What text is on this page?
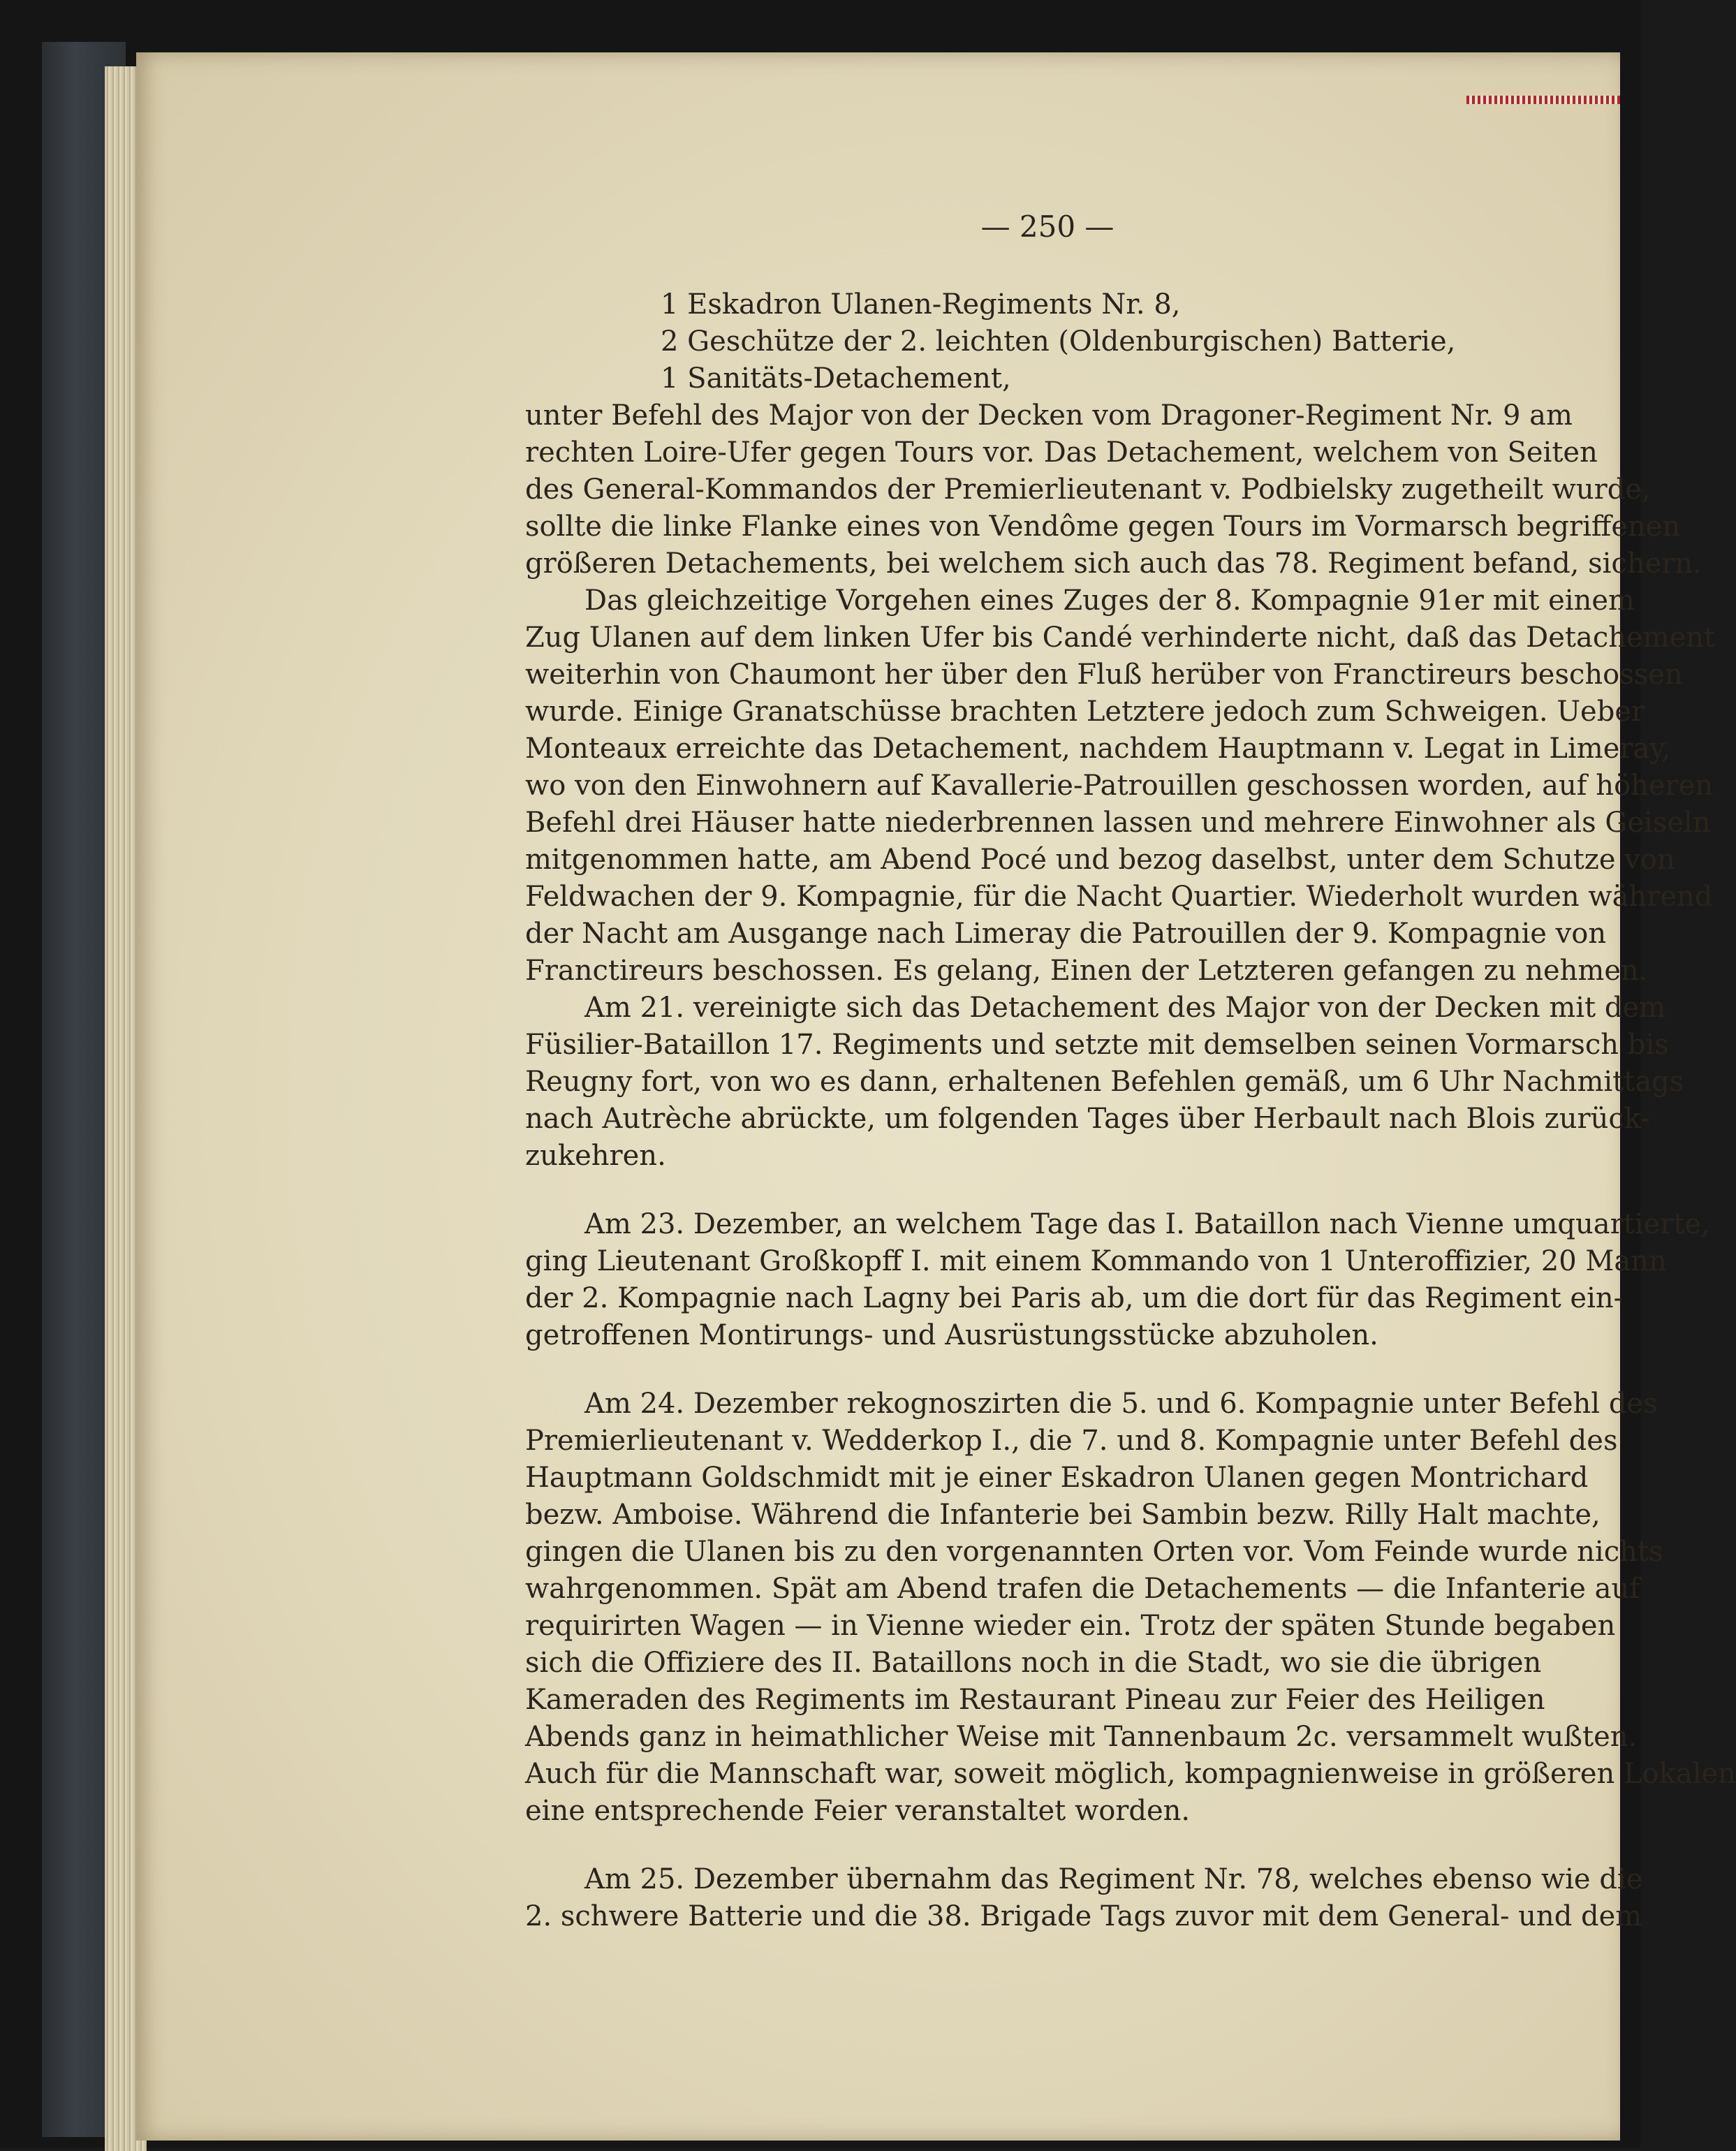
— 250 —
1 Eskadron Ulanen-Regiments Nr. 8,
2 Geschütze der 2. leichten (Oldenburgischen) Batterie,
1 Sanitäts-Detachement,
unter Befehl des Major von der Decken vom Dragoner-Regiment Nr. 9 am
rechten Loire-Ufer gegen Tours vor. Das Detachement, welchem von Seiten
des General-Kommandos der Premierlieutenant v. Podbielsky zugetheilt wurde,
sollte die linke Flanke eines von Vendôme gegen Tours im Vormarsch begriffenen
größeren Detachements, bei welchem sich auch das 78. Regiment befand, sichern.
Das gleichzeitige Vorgehen eines Zuges der 8. Kompagnie 91er mit einem
Zug Ulanen auf dem linken Ufer bis Candé verhinderte nicht, daß das Detachement
weiterhin von Chaumont her über den Fluß herüber von Franctireurs beschossen
wurde. Einige Granatschüsse brachten Letztere jedoch zum Schweigen. Ueber
Monteaux erreichte das Detachement, nachdem Hauptmann v. Legat in Limeray,
wo von den Einwohnern auf Kavallerie-Patrouillen geschossen worden, auf höheren
Befehl drei Häuser hatte niederbrennen lassen und mehrere Einwohner als Geiseln
mitgenommen hatte, am Abend Pocé und bezog daselbst, unter dem Schutze von
Feldwachen der 9. Kompagnie, für die Nacht Quartier. Wiederholt wurden während
der Nacht am Ausgange nach Limeray die Patrouillen der 9. Kompagnie von
Franctireurs beschossen. Es gelang, Einen der Letzteren gefangen zu nehmen.
Am 21. vereinigte sich das Detachement des Major von der Decken mit dem
Füsilier-Bataillon 17. Regiments und setzte mit demselben seinen Vormarsch bis
Reugny fort, von wo es dann, erhaltenen Befehlen gemäß, um 6 Uhr Nachmittags
nach Autrèche abrückte, um folgenden Tages über Herbault nach Blois zurück-
zukehren.
Am 23. Dezember, an welchem Tage das I. Bataillon nach Vienne umquartierte,
ging Lieutenant Großkopff I. mit einem Kommando von 1 Unteroffizier, 20 Mann
der 2. Kompagnie nach Lagny bei Paris ab, um die dort für das Regiment ein-
getroffenen Montirungs- und Ausrüstungsstücke abzuholen.
Am 24. Dezember rekognoszirten die 5. und 6. Kompagnie unter Befehl des
Premierlieutenant v. Wedderkop I., die 7. und 8. Kompagnie unter Befehl des
Hauptmann Goldschmidt mit je einer Eskadron Ulanen gegen Montrichard
bezw. Amboise. Während die Infanterie bei Sambin bezw. Rilly Halt machte,
gingen die Ulanen bis zu den vorgenannten Orten vor. Vom Feinde wurde nichts
wahrgenommen. Spät am Abend trafen die Detachements — die Infanterie auf
requirirten Wagen — in Vienne wieder ein. Trotz der späten Stunde begaben
sich die Offiziere des II. Bataillons noch in die Stadt, wo sie die übrigen
Kameraden des Regiments im Restaurant Pineau zur Feier des Heiligen
Abends ganz in heimathlicher Weise mit Tannenbaum 2c. versammelt wußten.
Auch für die Mannschaft war, soweit möglich, kompagnienweise in größeren Lokalen
eine entsprechende Feier veranstaltet worden.
Am 25. Dezember übernahm das Regiment Nr. 78, welches ebenso wie die
2. schwere Batterie und die 38. Brigade Tags zuvor mit dem General- und dem
